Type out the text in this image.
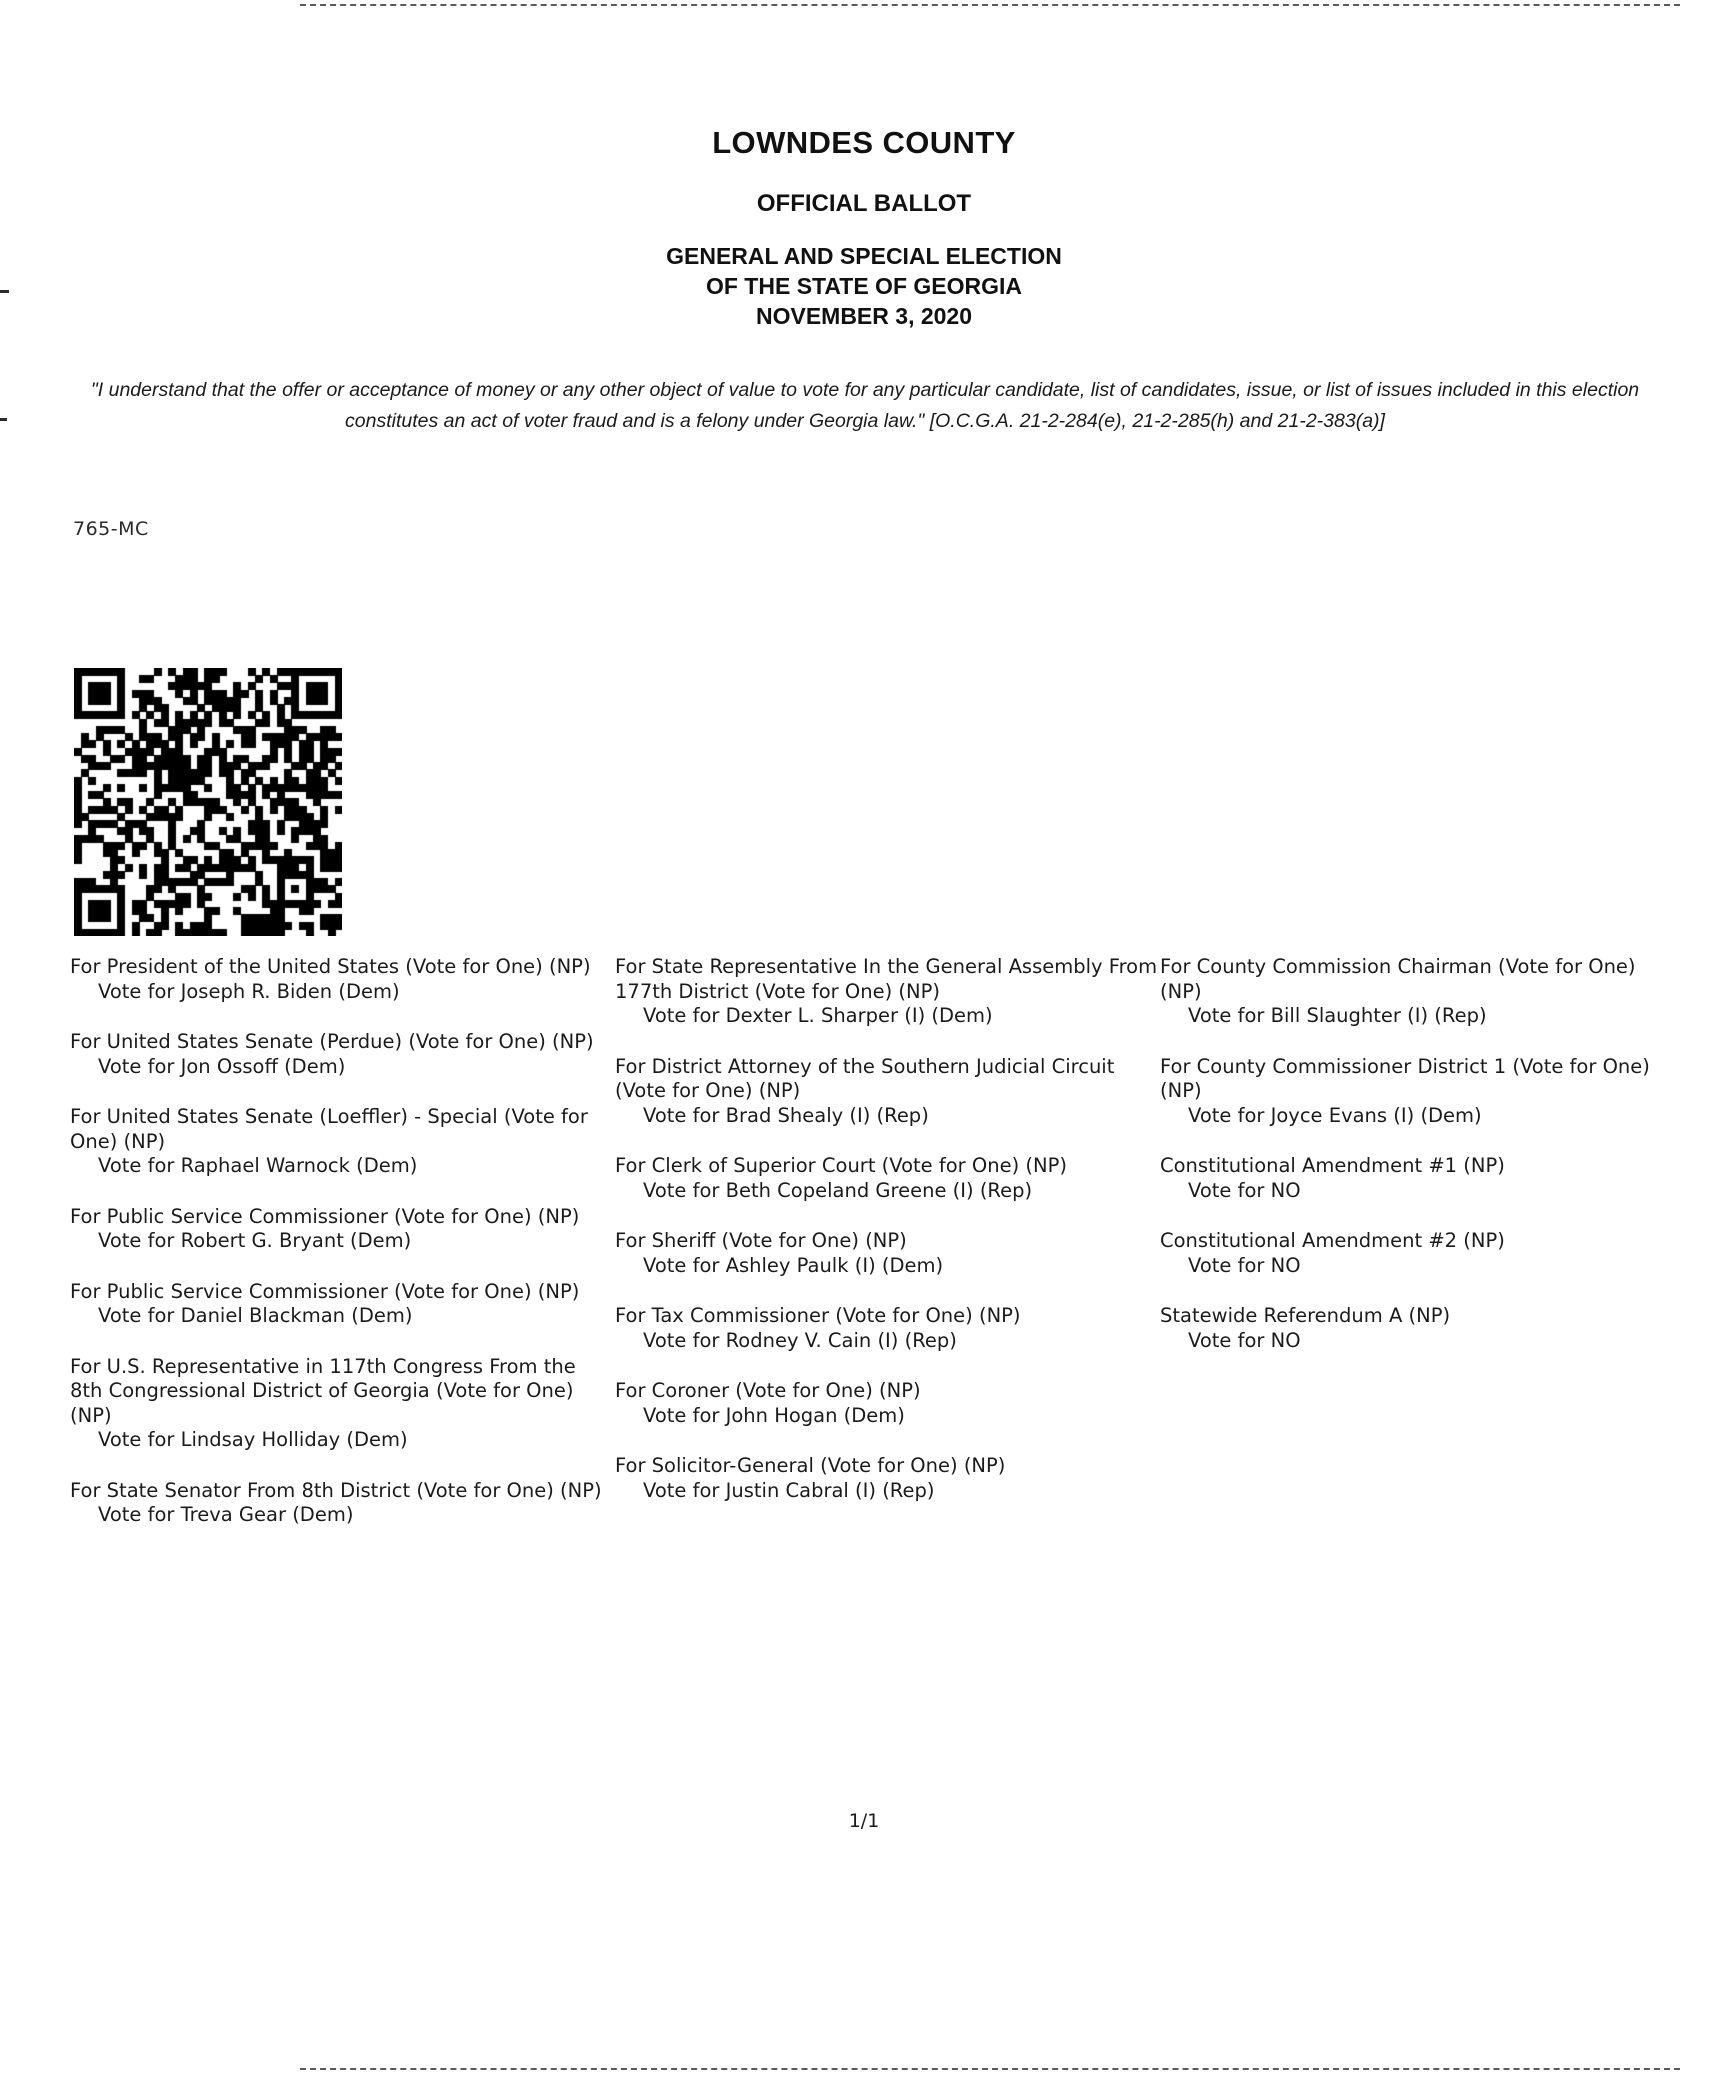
LOWNDES COUNTY
OFFICIAL BALLOT
GENERAL AND SPECIAL ELECTION
OF THE STATE OF GEORGIA
NOVEMBER 3, 2020
"I understand that the offer or acceptance of money or any other object of value to vote for any particular candidate, list of candidates, issue, or list of issues included in this election constitutes an act of voter fraud and is a felony under Georgia law." [O.C.G.A. 21-2-284(e), 21-2-285(h) and 21-2-383(a)]
765-MC
For President of the United States (Vote for One) (NP)
Vote for Joseph R. Biden (Dem)
For United States Senate (Perdue) (Vote for One) (NP)
Vote for Jon Ossoff (Dem)
For United States Senate (Loeffler) - Special (Vote for One) (NP)
Vote for Raphael Warnock (Dem)
For Public Service Commissioner (Vote for One) (NP)
Vote for Robert G. Bryant (Dem)
For Public Service Commissioner (Vote for One) (NP)
Vote for Daniel Blackman (Dem)
For U.S. Representative in 117th Congress From the 8th Congressional District of Georgia (Vote for One) (NP)
Vote for Lindsay Holliday (Dem)
For State Senator From 8th District (Vote for One) (NP)
Vote for Treva Gear (Dem)
For State Representative In the General Assembly From 177th District (Vote for One) (NP)
Vote for Dexter L. Sharper (I) (Dem)
For District Attorney of the Southern Judicial Circuit (Vote for One) (NP)
Vote for Brad Shealy (I) (Rep)
For Clerk of Superior Court (Vote for One) (NP)
Vote for Beth Copeland Greene (I) (Rep)
For Sheriff (Vote for One) (NP)
Vote for Ashley Paulk (I) (Dem)
For Tax Commissioner (Vote for One) (NP)
Vote for Rodney V. Cain (I) (Rep)
For Coroner (Vote for One) (NP)
Vote for John Hogan (Dem)
For Solicitor-General (Vote for One) (NP)
Vote for Justin Cabral (I) (Rep)
For County Commission Chairman (Vote for One) (NP)
Vote for Bill Slaughter (I) (Rep)
For County Commissioner District 1 (Vote for One) (NP)
Vote for Joyce Evans (I) (Dem)
Constitutional Amendment #1 (NP)
Vote for NO
Constitutional Amendment #2 (NP)
Vote for NO
Statewide Referendum A (NP)
Vote for NO
1/1
